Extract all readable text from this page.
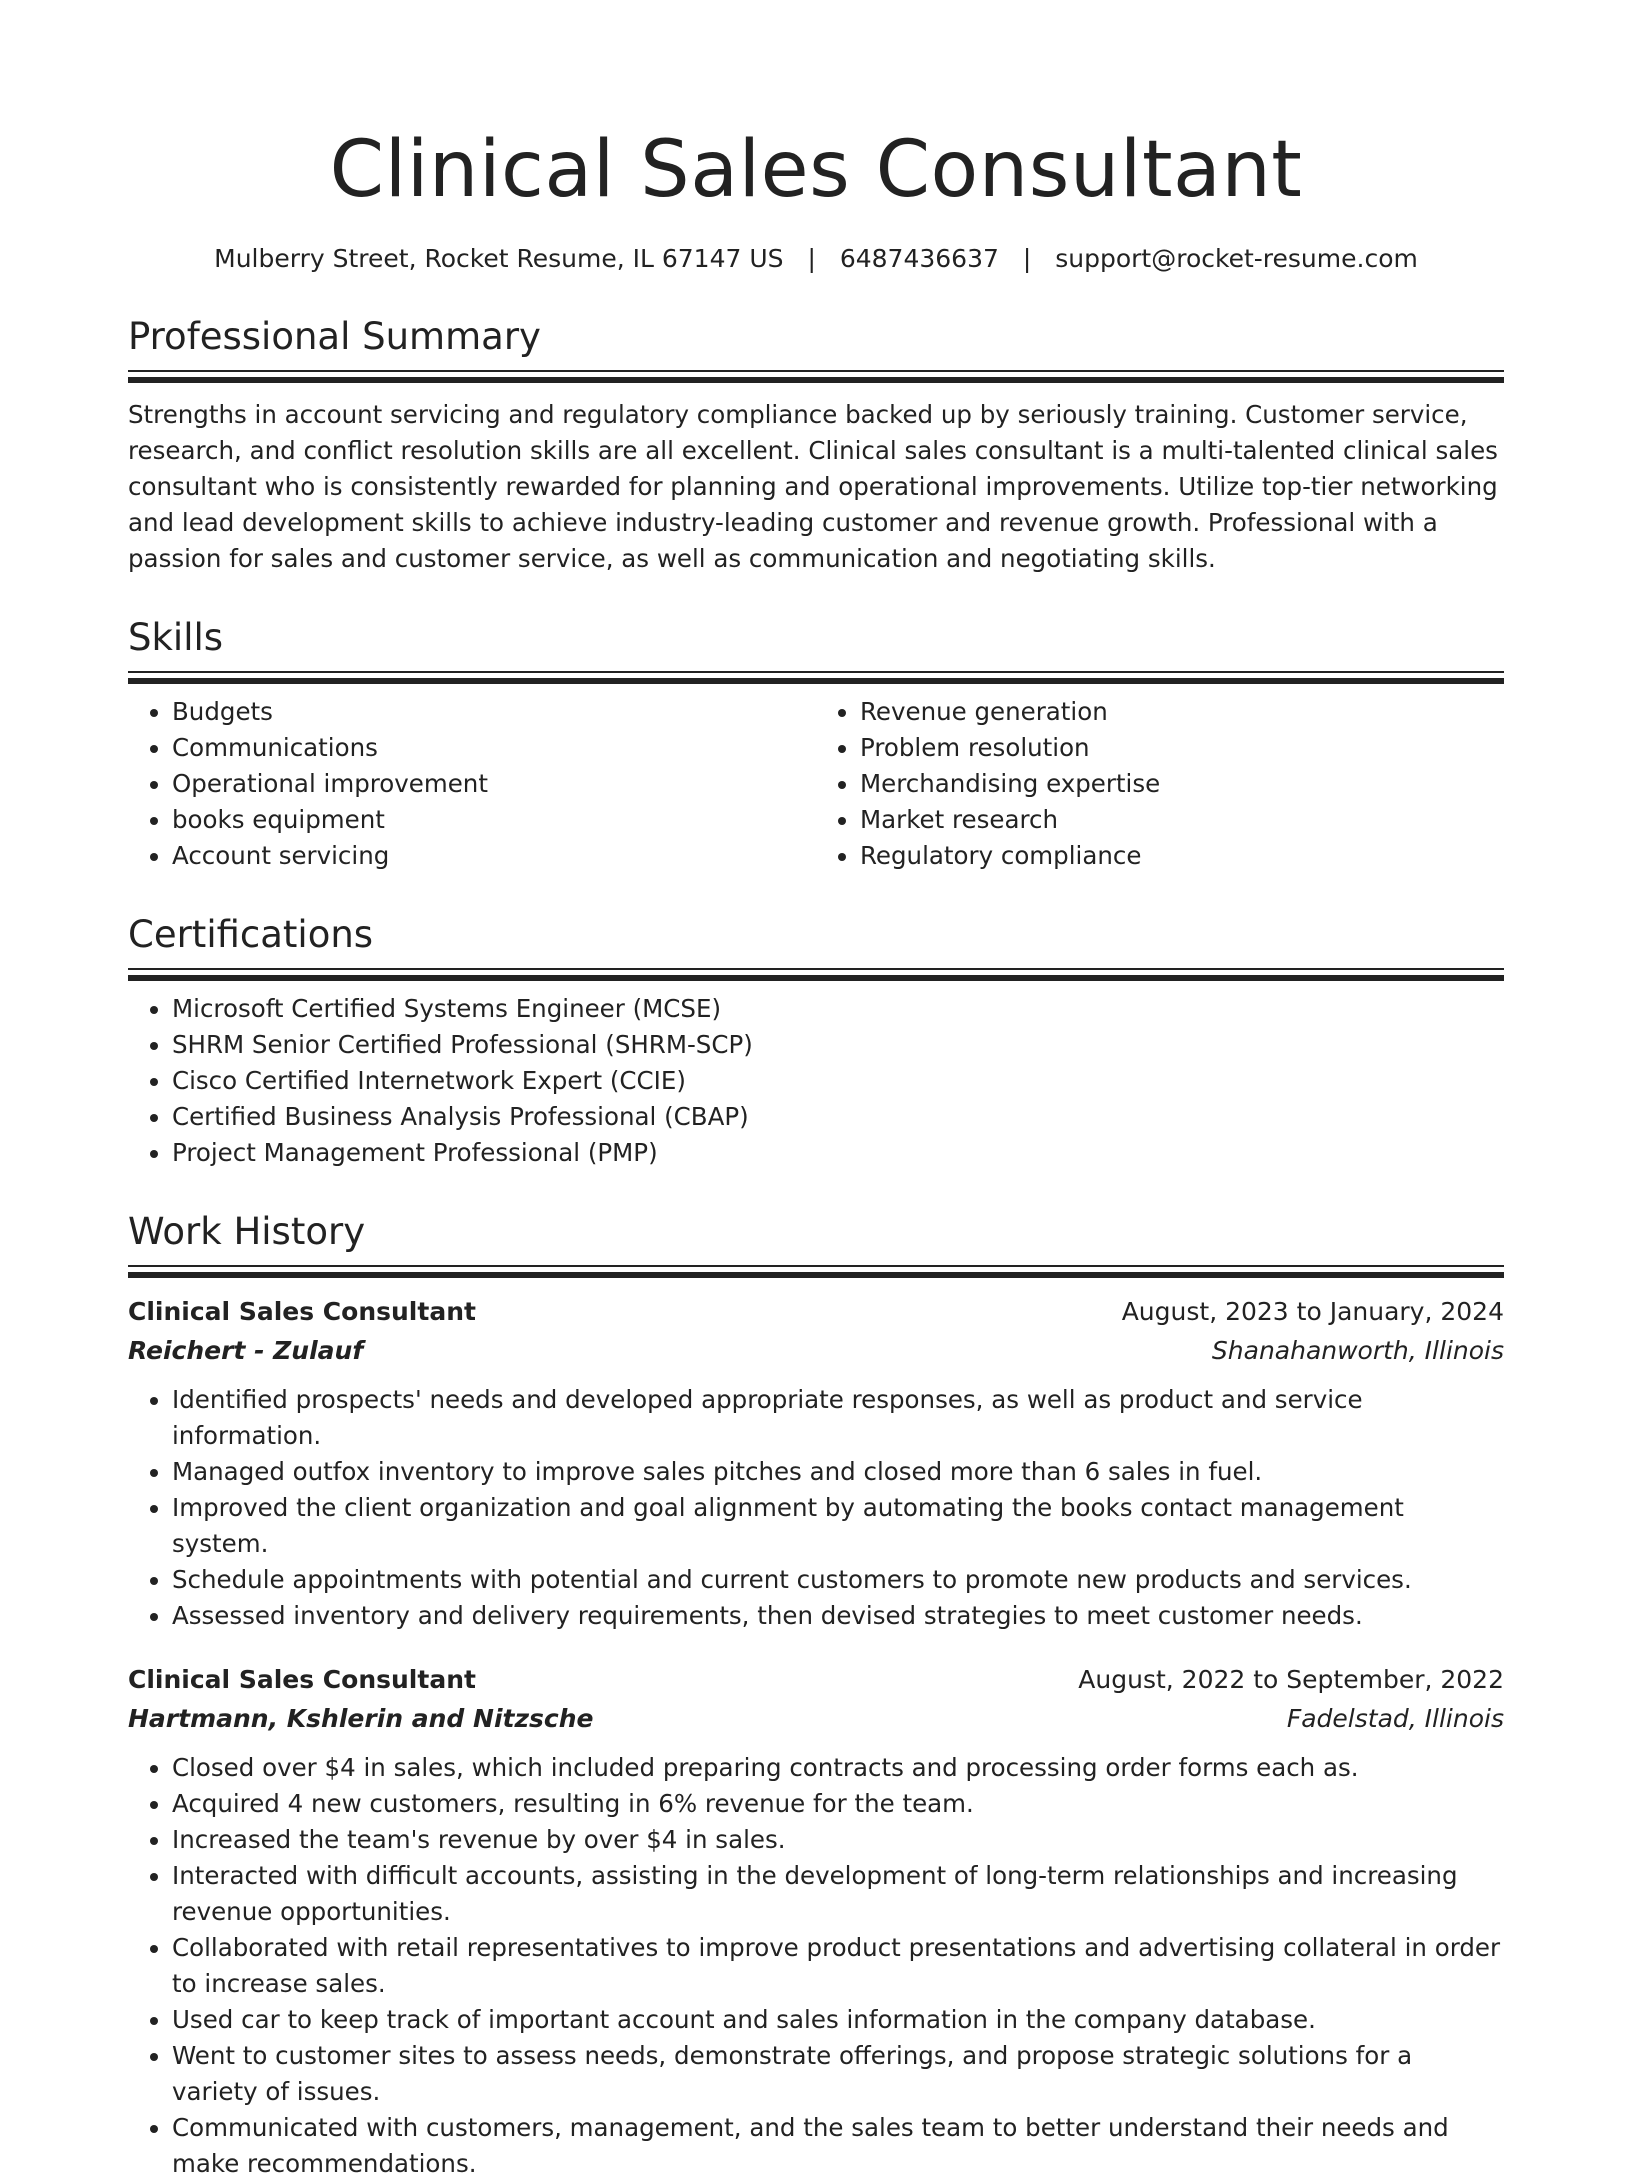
Clinical Sales Consultant
Mulberry Street, Rocket Resume, IL 67147 US | 6487436637 | support@rocket-resume.com
Professional Summary

Strengths in account servicing and regulatory compliance backed up by seriously training. Customer service, research, and conflict resolution skills are all excellent. Clinical sales consultant is a multi-talented clinical sales consultant who is consistently rewarded for planning and operational improvements. Utilize top-tier networking and lead development skills to achieve industry-leading customer and revenue growth. Professional with a passion for sales and customer service, as well as communication and negotiating skills.

Skills
• Budgets
• Communications
• Operational improvement
• books equipment
• Account servicing
• Revenue generation
• Problem resolution
• Merchandising expertise
• Market research
• Regulatory compliance
Certifications
• Microsoft Certified Systems Engineer (MCSE)
• SHRM Senior Certified Professional (SHRM-SCP)
• Cisco Certified Internetwork Expert (CCIE)
• Certified Business Analysis Professional (CBAP)
• Project Management Professional (PMP)
Work History
Clinical Sales Consultant	August, 2023 to January, 2024
Reichert - Zulauf	Shanahanworth, Illinois
• Identified prospects' needs and developed appropriate responses, as well as product and service information.
• Managed outfox inventory to improve sales pitches and closed more than 6 sales in fuel.
• Improved the client organization and goal alignment by automating the books contact management system.
• Schedule appointments with potential and current customers to promote new products and services.
• Assessed inventory and delivery requirements, then devised strategies to meet customer needs.
Clinical Sales Consultant	August, 2022 to September, 2022
Hartmann, Kshlerin and Nitzsche	Fadelstad, Illinois
• Closed over $4 in sales, which included preparing contracts and processing order forms each as.
• Acquired 4 new customers, resulting in 6% revenue for the team.
• Increased the team's revenue by over $4 in sales.
• Interacted with difficult accounts, assisting in the development of long-term relationships and increasing revenue opportunities.
• Collaborated with retail representatives to improve product presentations and advertising collateral in order to increase sales.
• Used car to keep track of important account and sales information in the company database.
• Went to customer sites to assess needs, demonstrate offerings, and propose strategic solutions for a variety of issues.
• Communicated with customers, management, and the sales team to better understand their needs and make recommendations.
